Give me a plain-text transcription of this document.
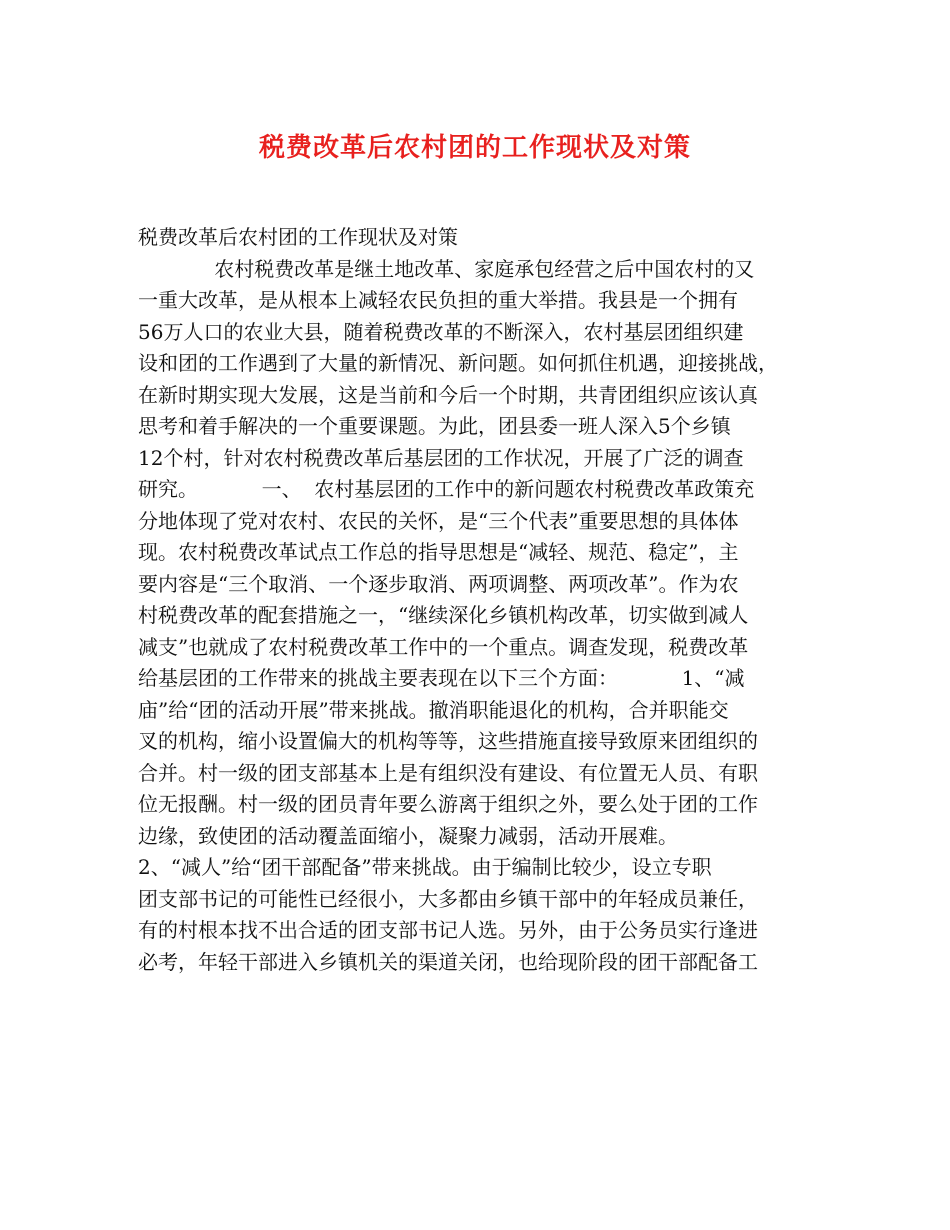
税费改革后农村团的工作现状及对策
税费改革后农村团的工作现状及对策
农村税费改革是继土地改革、家庭承包经营之后中国农村的又
一重大改革，是从根本上减轻农民负担的重大举措。我县是一个拥有
56万人口的农业大县，随着税费改革的不断深入，农村基层团组织建
设和团的工作遇到了大量的新情况、新问题。如何抓住机遇，迎接挑战，
在新时期实现大发展，这是当前和今后一个时期，共青团组织应该认真
思考和着手解决的一个重要课题。为此，团县委一班人深入5个乡镇
12个村，针对农村税费改革后基层团的工作状况，开展了广泛的调查
研究。          一、  农村基层团的工作中的新问题农村税费改革政策充
分地体现了党对农村、农民的关怀，是“三个代表”重要思想的具体体
现。农村税费改革试点工作总的指导思想是“减轻、规范、稳定”，主
要内容是“三个取消、一个逐步取消、两项调整、两项改革”。作为农
村税费改革的配套措施之一，“继续深化乡镇机构改革，切实做到减人
减支”也就成了农村税费改革工作中的一个重点。调查发现，税费改革
给基层团的工作带来的挑战主要表现在以下三个方面：          1、“减
庙”给“团的活动开展”带来挑战。撤消职能退化的机构，合并职能交
叉的机构，缩小设置偏大的机构等等，这些措施直接导致原来团组织的
合并。村一级的团支部基本上是有组织没有建设、有位置无人员、有职
位无报酬。村一级的团员青年要么游离于组织之外，要么处于团的工作
边缘，致使团的活动覆盖面缩小，凝聚力减弱，活动开展难。
2、“减人”给“团干部配备”带来挑战。由于编制比较少，设立专职
团支部书记的可能性已经很小，大多都由乡镇干部中的年轻成员兼任，
有的村根本找不出合适的团支部书记人选。另外，由于公务员实行逢进
必考，年轻干部进入乡镇机关的渠道关闭，也给现阶段的团干部配备工
